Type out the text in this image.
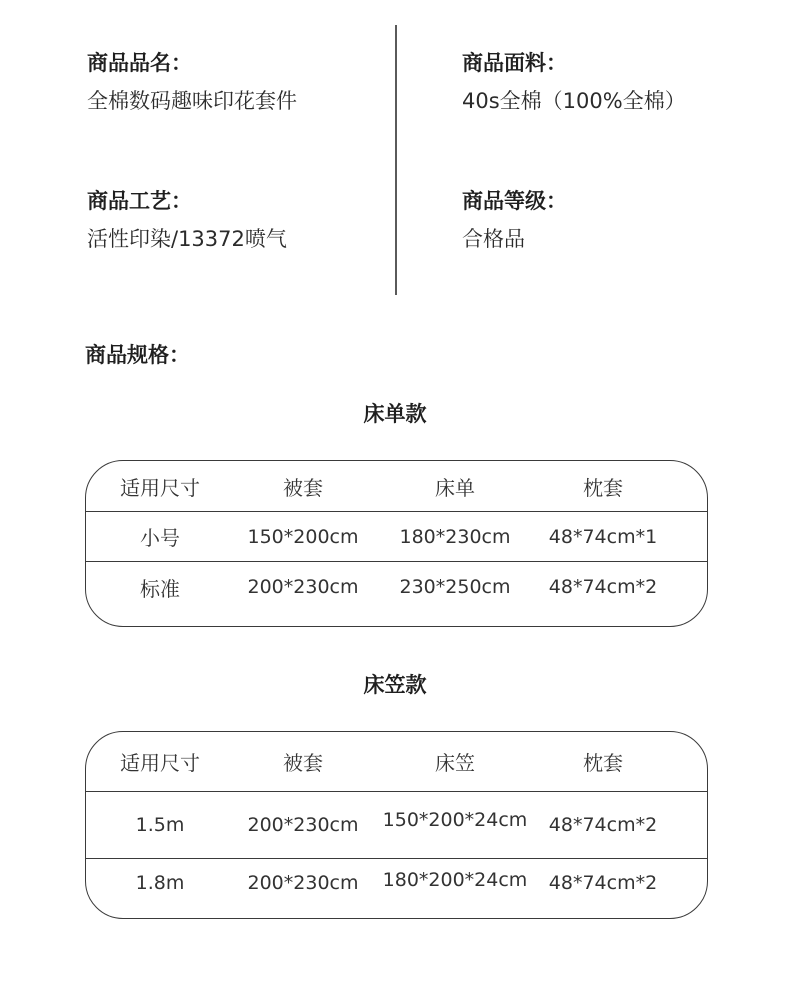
商品品名：
全棉数码趣味印花套件
商品面料：
40s全棉（100%全棉）
商品工艺：
活性印染/13372喷气
商品等级：
合格品
商品规格：
床单款
适用尺寸	被套	床单	枕套
小号	150*200cm	180*230cm	48*74cm*1
标准	200*230cm	230*250cm	48*74cm*2
床笠款
适用尺寸	被套	床笠	枕套
1.5m	200*230cm	150*200*24cm	48*74cm*2
1.8m	200*230cm	180*200*24cm	48*74cm*2
